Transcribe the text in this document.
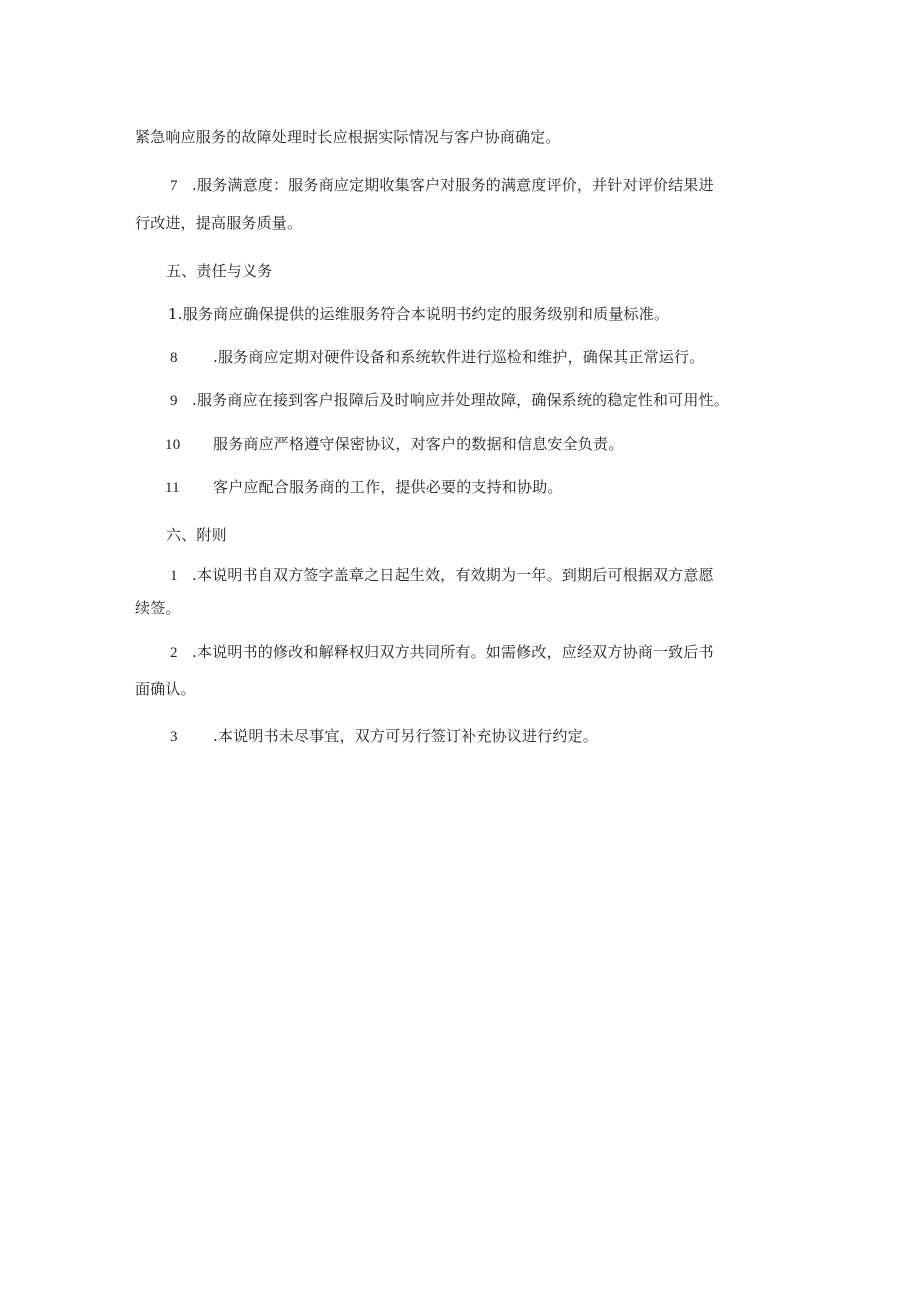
紧急响应服务的故障处理时长应根据实际情况与客户协商确定。
7 .服务满意度：服务商应定期收集客户对服务的满意度评价，并针对评价结果进
行改进，提高服务质量。
五、责任与义务
1.服务商应确保提供的运维服务符合本说明书约定的服务级别和质量标准。
8 .服务商应定期对硬件设备和系统软件进行巡检和维护，确保其正常运行。
9 .服务商应在接到客户报障后及时响应并处理故障，确保系统的稳定性和可用性。
10 服务商应严格遵守保密协议，对客户的数据和信息安全负责。
11 客户应配合服务商的工作，提供必要的支持和协助。
六、附则
1 .本说明书自双方签字盖章之日起生效，有效期为一年。到期后可根据双方意愿
续签。
2 .本说明书的修改和解释权归双方共同所有。如需修改，应经双方协商一致后书
面确认。
3 .本说明书未尽事宜，双方可另行签订补充协议进行约定。
